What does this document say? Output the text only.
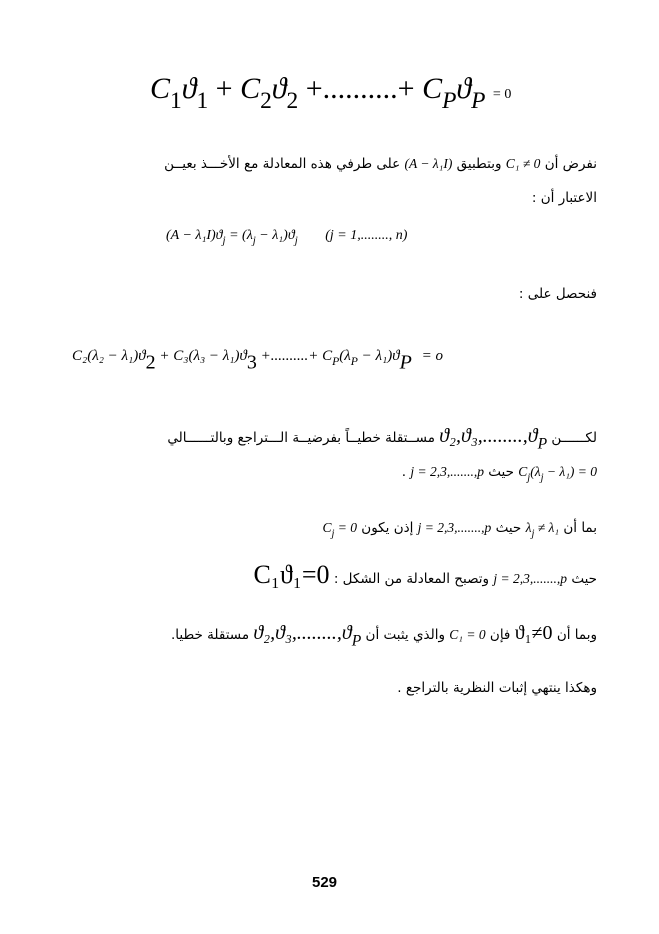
$C_1ϑ_1 + C_2ϑ_2$ +..........+ $C_Pϑ_P = 0$
نفرض أن C₁ ≠ 0 وبتطبيق (A − λ₁I) على طرفي هذه المعادلة مع الأخـــذ بعيــن
الاعتبار أن :
$(A - \lambda_1I)ϑ_j = (\lambda_j - \lambda_1)ϑ_j$ (j = 1,........, n)
فنحصل على :
$C_2(\lambda_2 - \lambda_1)ϑ_2 + C_3(\lambda_3 - \lambda_1)ϑ_3$ +..........+ $C_P(\lambda_P - \lambda_1)ϑ_P = o$
لكــــــن $ϑ_2,ϑ_3,........,ϑ_P$ مســتقلة خطيــاً بفرضيــة الـــتراجع وبالتــــــالي
$C_j(\lambda_j - \lambda_1) = 0$ حيث j = 2,3,.......,p .
بما أن $\lambda_j \ne \lambda_1$ حيث j = 2,3,.......,p إذن يكون $C_j = 0$
حيث j = 2,3,.......,p وتصبح المعادلة من الشكل : C₁ϑ₁=0
وبما أن ϑ₁≠0 فإن C₁ = 0 والذي يثبت أن $ϑ_2,ϑ_3,........,ϑ_P$ مستقلة خطيا.
وهكذا ينتهي إثبات النظرية بالتراجع .
529
